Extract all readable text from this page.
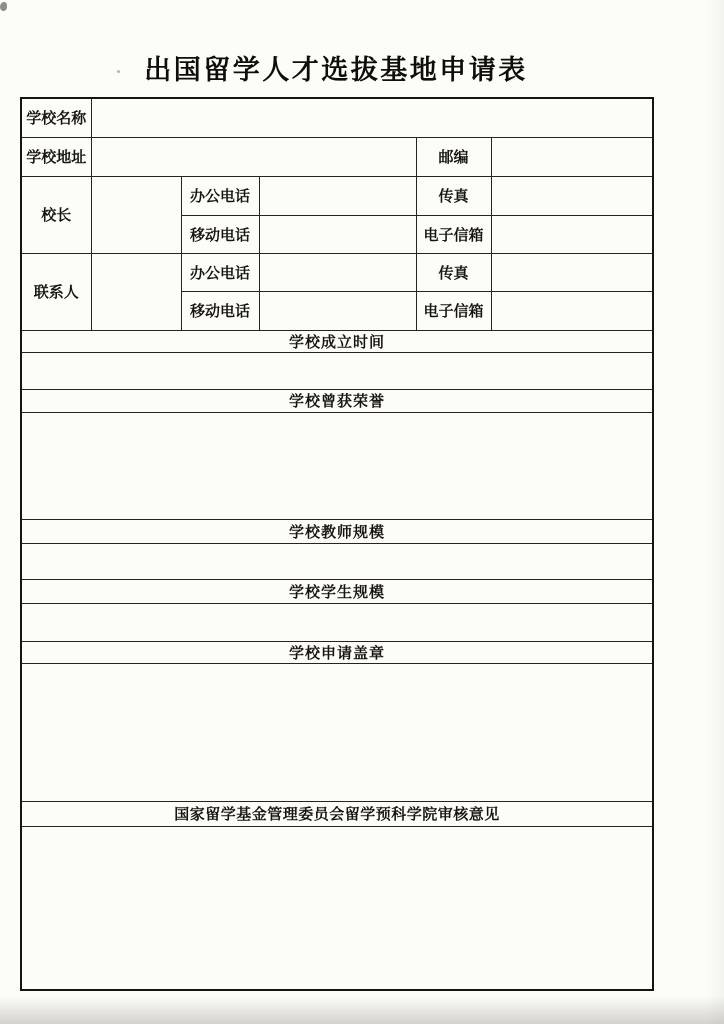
出国留学人才选拔基地申请表
学校名称					
学校地址				邮编	
校长		办公电话		传真	
		移动电话		电子信箱	
联系人		办公电话		传真	
		移动电话		电子信箱	
学校成立时间					

学校曾获荣誉					

学校教师规模					

学校学生规模					

学校申请盖章					

国家留学基金管理委员会留学预科学院审核意见					
